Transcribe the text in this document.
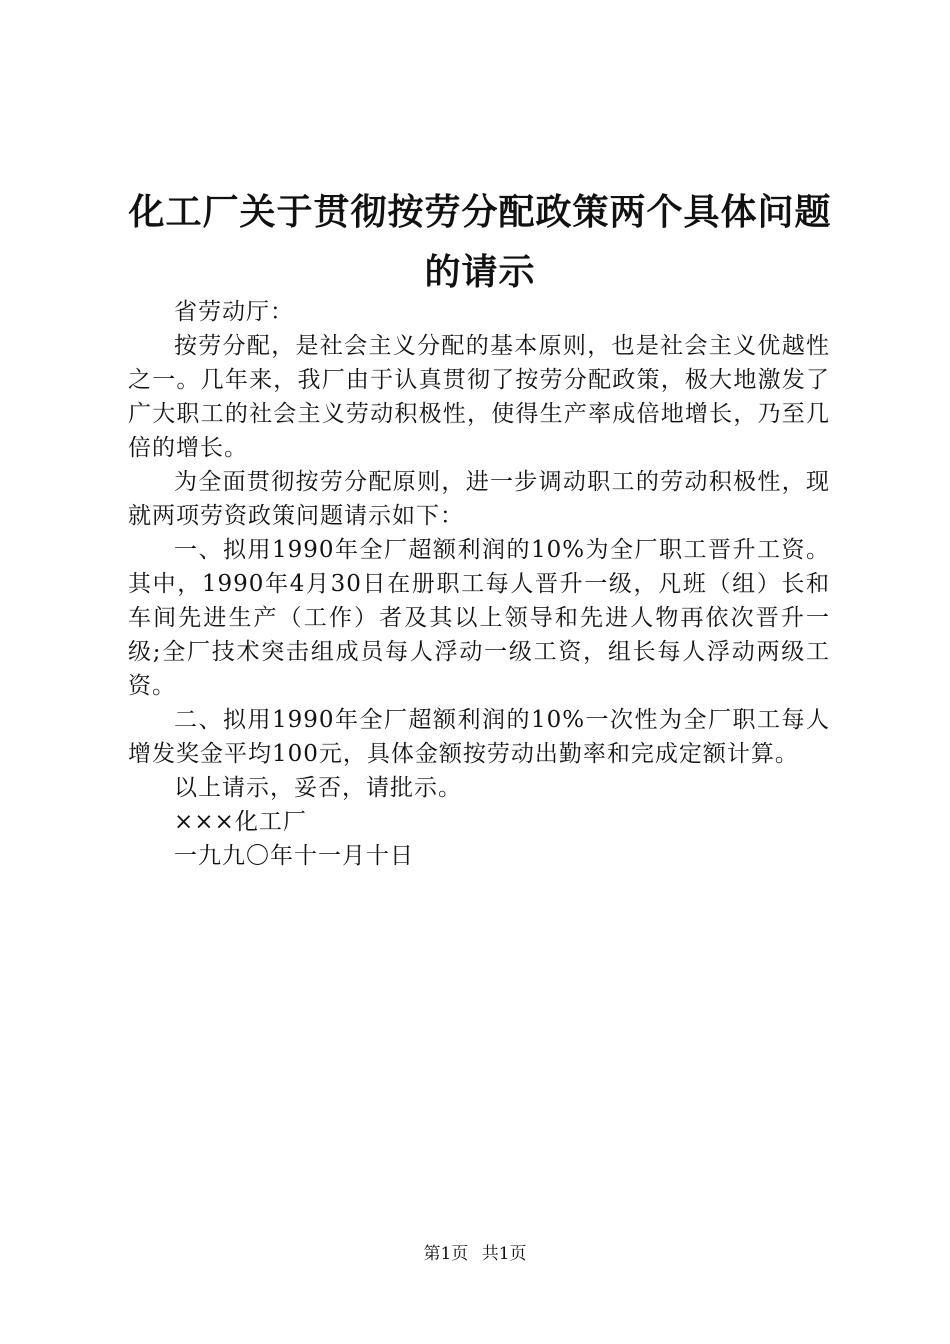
化工厂关于贯彻按劳分配政策两个具体问题的请示

省劳动厅：

按劳分配，是社会主义分配的基本原则，也是社会主义优越性之一。几年来，我厂由于认真贯彻了按劳分配政策，极大地激发了广大职工的社会主义劳动积极性，使得生产率成倍地增长，乃至几倍的增长。

为全面贯彻按劳分配原则，进一步调动职工的劳动积极性，现就两项劳资政策问题请示如下：

一、拟用1990年全厂超额利润的10%为全厂职工晋升工资。其中，1990年4月30日在册职工每人晋升一级，凡班（组）长和车间先进生产（工作）者及其以上领导和先进人物再依次晋升一级;全厂技术突击组成员每人浮动一级工资，组长每人浮动两级工资。

二、拟用1990年全厂超额利润的10%一次性为全厂职工每人增发奖金平均100元，具体金额按劳动出勤率和完成定额计算。

以上请示，妥否，请批示。

×××化工厂

一九九〇年十一月十日

第1页 共1页
